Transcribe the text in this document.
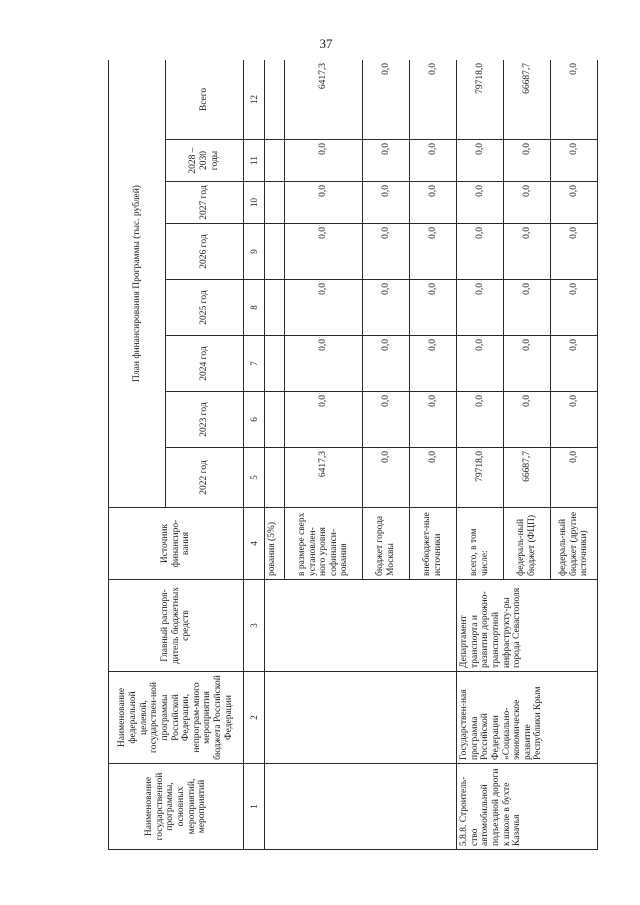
37
Наименование государственной программы, основных мероприятий, мероприятий	Наименование федеральной целевой, государствен-ной программы Российской Федерации, непрограм-много мероприятия бюджета Российской Федерации	Главный распоря-дитель бюджетных средств	Источник финансиро-вания	План финансирования Программы (тыс. рублей)							
				2022 год	2023 год	2024 год	2025 год	2026 год	2027 год	2028 – 2030 годы	Всего
1	2	3	4	5	6	7	8	9	10	11	12
			рования (5%)								
			в размере сверх установлен-ного уровня софинанси-рования	6417,3	0,0	0,0	0,0	0,0	0,0	0,0	6417,3
			бюджет города Москвы	0,0	0,0	0,0	0,0	0,0	0,0	0,0	0,0
			внебюджет-ные источники	0,0	0,0	0,0	0,0	0,0	0,0	0,0	0,0
5.8.8. Строитель-ство автомобильной подъездной дороги к школе в бухте Казачья	Государствен-ная программа Российской Федерации «Социально-экономическое развитие Республики Крым	Департамент транспорта и развития дорожно-транспортной инфраструкту-ры города Севастополя	всего, в том числе:	79718,0	0,0	0,0	0,0	0,0	0,0	0,0	79718,0
			федераль-ный бюджет (ФЦП)	66687,7	0,0	0,0	0,0	0,0	0,0	0,0	66687,7
			федераль-ный бюджет (другие источники)	0,0	0,0	0,0	0,0	0,0	0,0	0,0	0,0
